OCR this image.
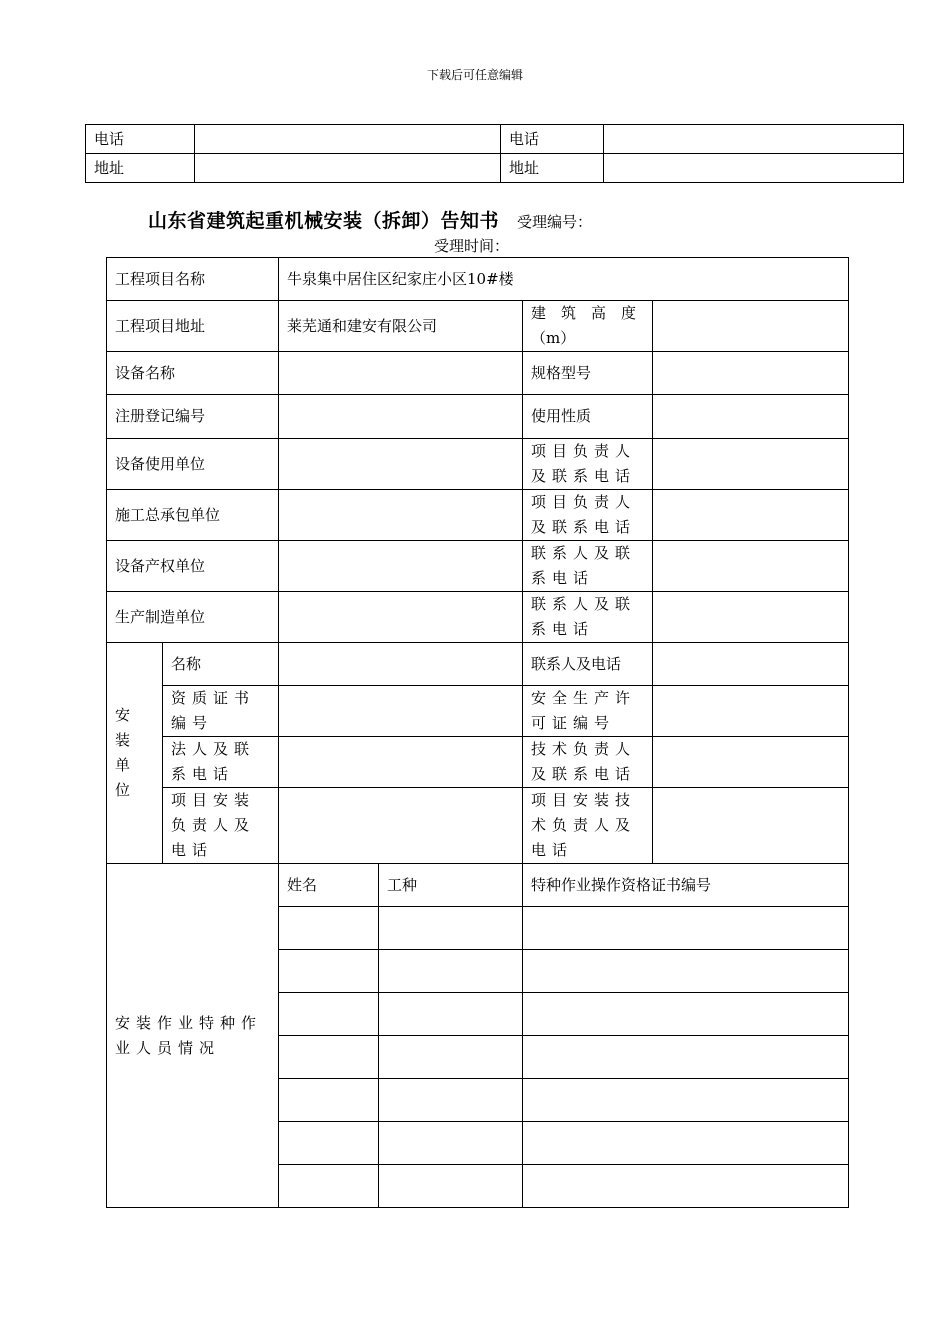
下载后可任意编辑
电话		电话	
地址		地址	
山东省建筑起重机械安装（拆卸）告知书 受理编号：
受理时间：
工程项目名称		牛泉集中居住区纪家庄小区10#楼			
工程项目地址		莱芜通和建安有限公司		建　筑　高　度
（m）	
设备名称				规格型号	
注册登记编号				使用性质	
设备使用单位				项目负责人及联系电话	
施工总承包单位				项目负责人及联系电话	
设备产权单位				联系人及联系电话	
生产制造单位				联系人及联系电话	
安　装单位	名称			联系人及电话	
	资质证书编号			安全生产许可证编号	
	法人及联系电话			技术负责人及联系电话	
	项目安装负责人及电话			项目安装技术负责人及电话	
安装作业特种作业人员情况		姓名	工种	特种作业操作资格证书编号	
